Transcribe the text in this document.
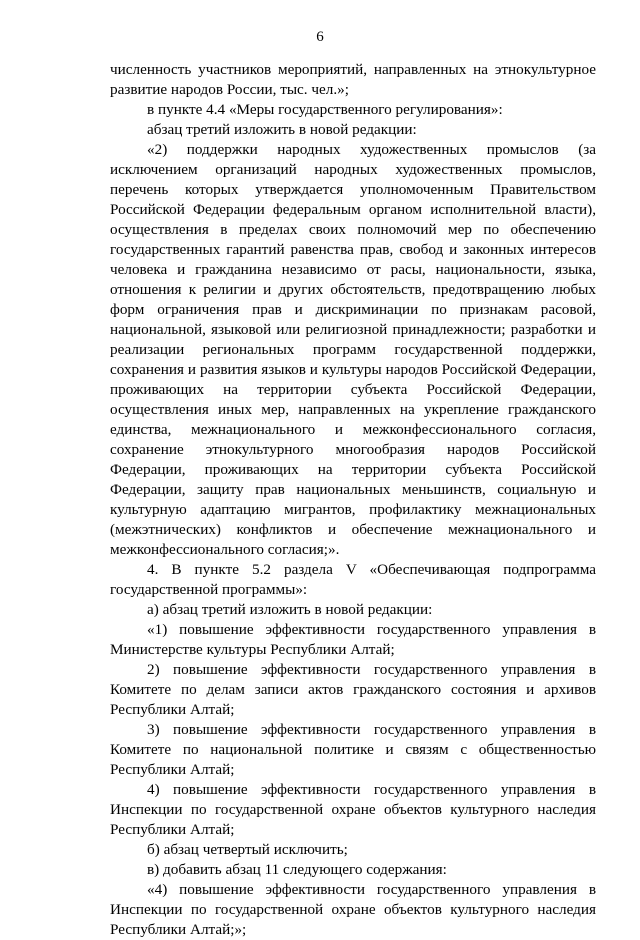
6

численность участников мероприятий, направленных на этнокультурное развитие народов России, тыс. чел.»;

в пункте 4.4 «Меры государственного регулирования»:

абзац третий изложить в новой редакции:

«2) поддержки народных художественных промыслов (за исключением организаций народных художественных промыслов, перечень которых утверждается уполномоченным Правительством Российской Федерации федеральным органом исполнительной власти), осуществления в пределах своих полномочий мер по обеспечению государственных гарантий равенства прав, свобод и законных интересов человека и гражданина независимо от расы, национальности, языка, отношения к религии и других обстоятельств, предотвращению любых форм ограничения прав и дискриминации по признакам расовой, национальной, языковой или религиозной принадлежности; разработки и реализации региональных программ государственной поддержки, сохранения и развития языков и культуры народов Российской Федерации, проживающих на территории субъекта Российской Федерации, осуществления иных мер, направленных на укрепление гражданского единства, межнационального и межконфессионального согласия, сохранение этнокультурного многообразия народов Российской Федерации, проживающих на территории субъекта Российской Федерации, защиту прав национальных меньшинств, социальную и культурную адаптацию мигрантов, профилактику межнациональных (межэтнических) конфликтов и обеспечение межнационального и межконфессионального согласия;».

4. В пункте 5.2 раздела V «Обеспечивающая подпрограмма государственной программы»:

а) абзац третий изложить в новой редакции:

«1) повышение эффективности государственного управления в Министерстве культуры Республики Алтай;

2) повышение эффективности государственного управления в Комитете по делам записи актов гражданского состояния и архивов Республики Алтай;

3) повышение эффективности государственного управления в Комитете по национальной политике и связям с общественностью Республики Алтай;

4) повышение эффективности государственного управления в Инспекции по государственной охране объектов культурного наследия Республики Алтай;

б) абзац четвертый исключить;

в) добавить абзац 11 следующего содержания:

«4) повышение эффективности государственного управления в Инспекции по государственной охране объектов культурного наследия Республики Алтай;»;
